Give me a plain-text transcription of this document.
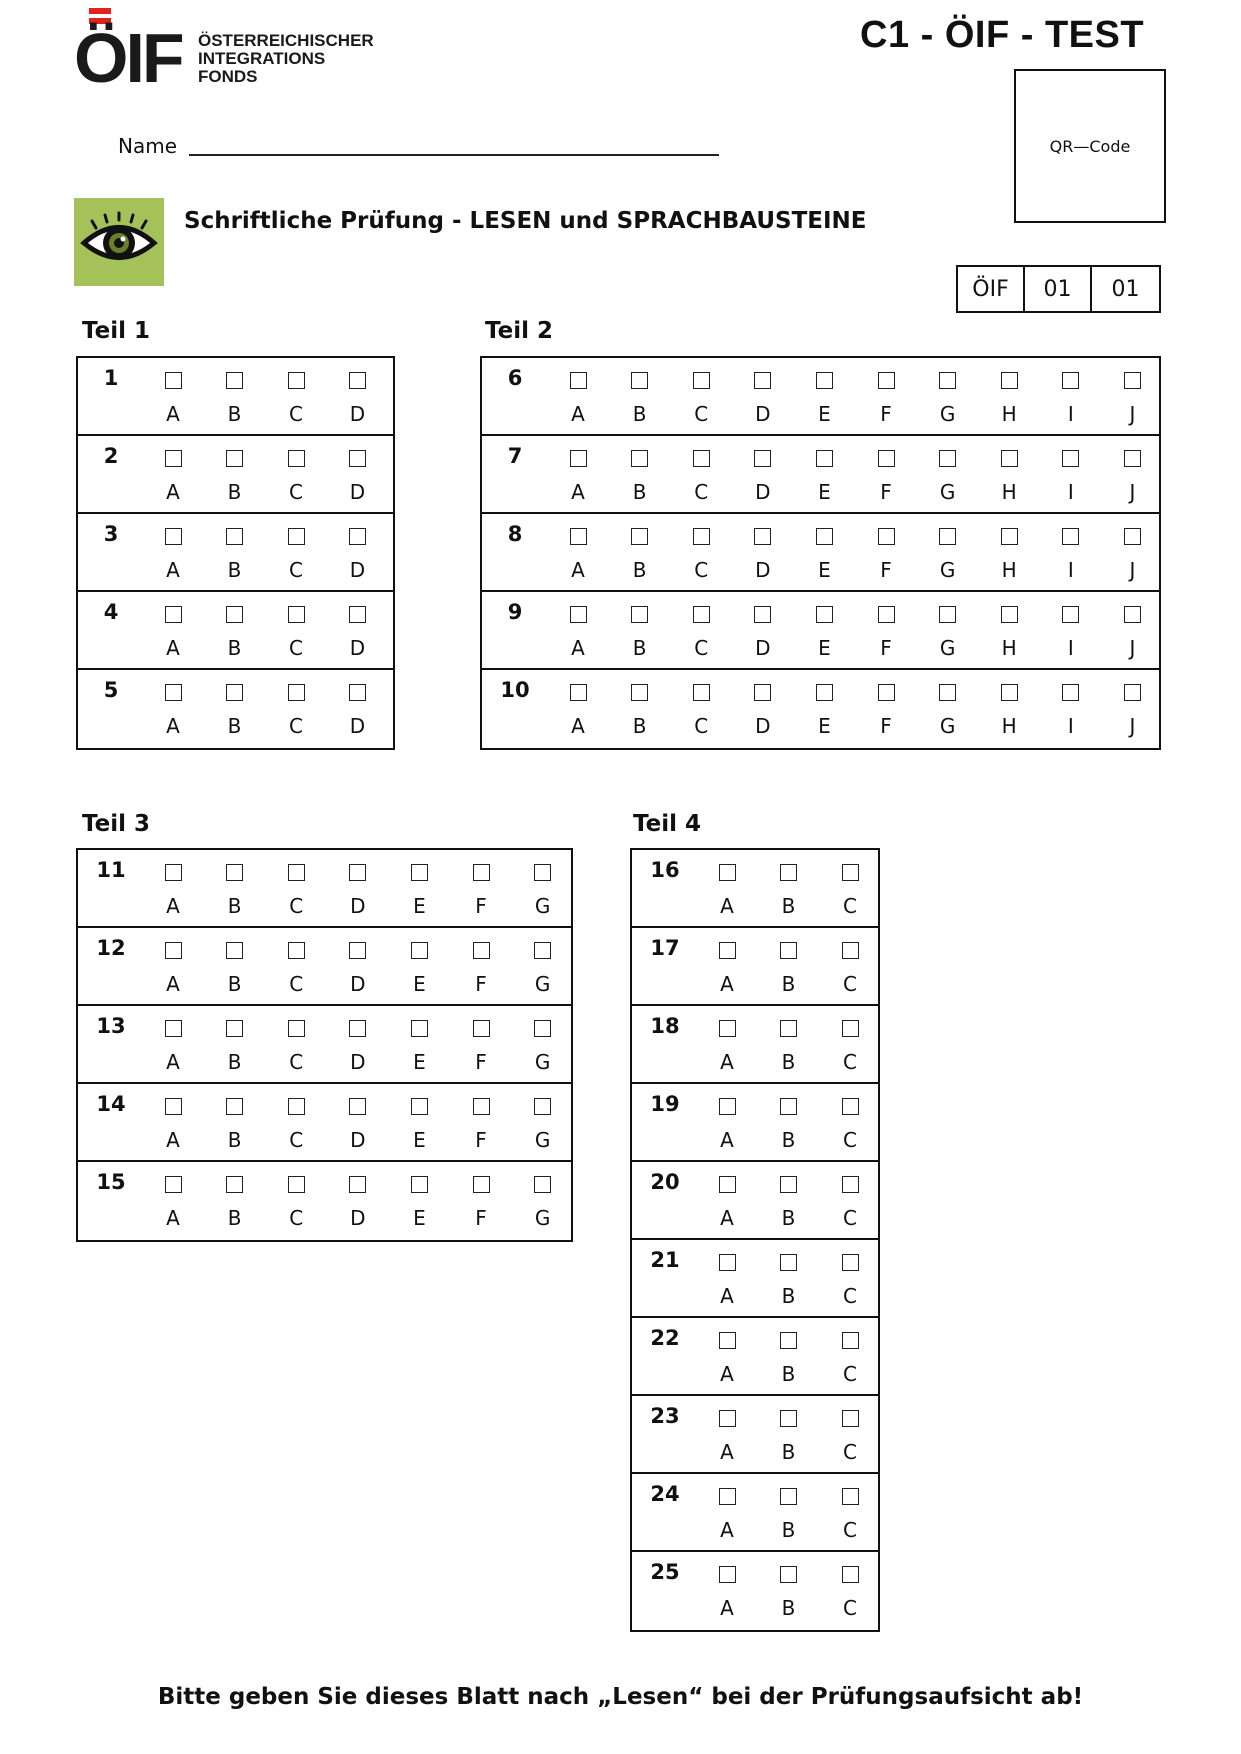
ÖIF ÖSTERREICHISCHER
INTEGRATIONS
FONDS
C1 - ÖIF - TEST
QR—Code
Name
Schriftliche Prüfung - LESEN und SPRACHBAUSTEINE
ÖIF	01	01
Teil 1	Teil 2
Teil 3	Teil 4
1
A	B	C	D
2
A	B	C	D
3
A	B	C	D
4
A	B	C	D
5
A	B	C	D
6
A	B	C	D	E	F	G	H	I	J
7
A	B	C	D	E	F	G	H	I	J
8
A	B	C	D	E	F	G	H	I	J
9
A	B	C	D	E	F	G	H	I	J
10
A	B	C	D	E	F	G	H	I	J
11
A	B	C	D	E	F	G
12
A	B	C	D	E	F	G
13
A	B	C	D	E	F	G
14
A	B	C	D	E	F	G
15
A	B	C	D	E	F	G
16
A	B	C
17
A	B	C
18
A	B	C
19
A	B	C
20
A	B	C
21
A	B	C
22
A	B	C
23
A	B	C
24
A	B	C
25
A	B	C
Bitte geben Sie dieses Blatt nach „Lesen“ bei der Prüfungsaufsicht ab!
